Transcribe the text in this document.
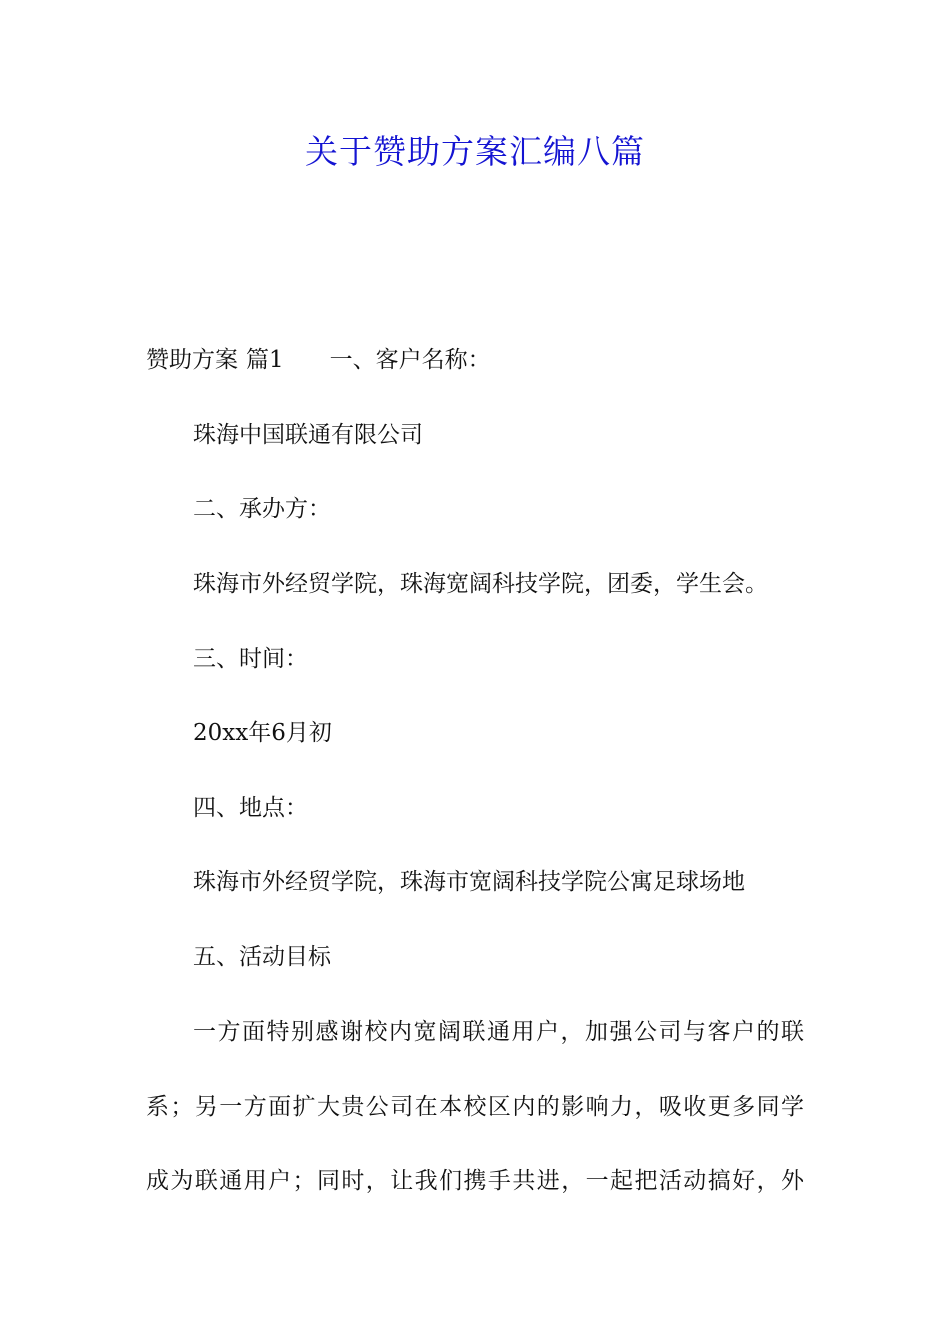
关于赞助方案汇编八篇
赞助方案 篇1 一、客户名称：
珠海中国联通有限公司
二、承办方：
珠海市外经贸学院，珠海宽阔科技学院，团委，学生会。
三、时间：
20xx年6月初
四、地点：
珠海市外经贸学院，珠海市宽阔科技学院公寓足球场地
五、活动目标
一方面特别感谢校内宽阔联通用户，加强公司与客户的联
系；另一方面扩大贵公司在本校区内的影响力，吸收更多同学
成为联通用户；同时，让我们携手共进，一起把活动搞好，外
